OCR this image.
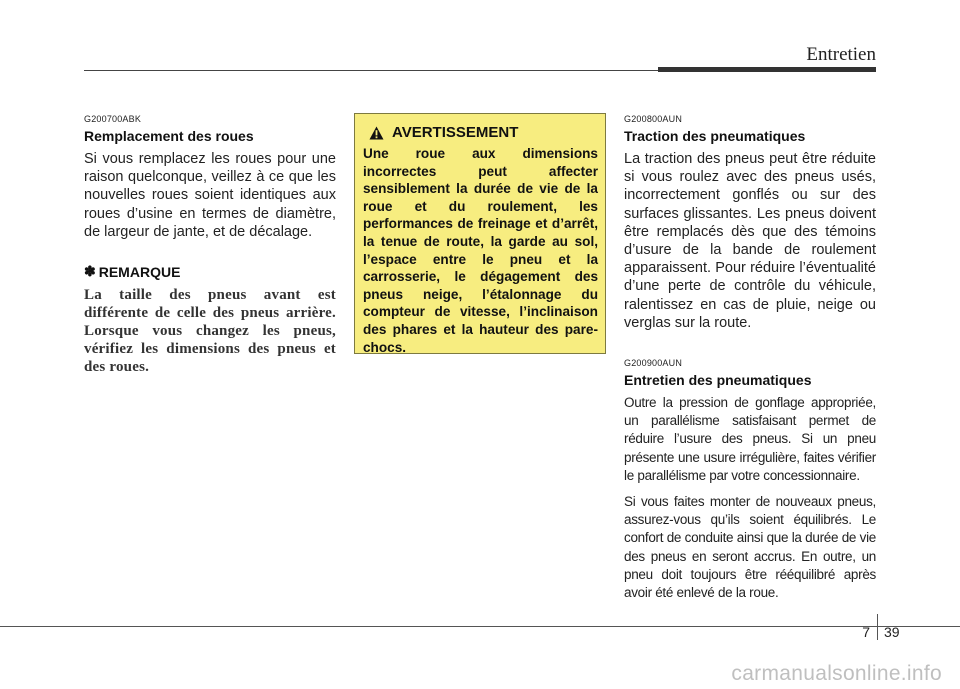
Entretien
G200700ABK
Remplacement des roues

Si vous remplacez les roues pour une raison quelconque, veillez à ce que les nouvelles roues soient identiques aux roues d’usine en termes de diamètre, de largeur de jante, et de décalage.

✽ REMARQUE

La taille des pneus avant est différente de celle des pneus arrière. Lorsque vous changez les pneus, vérifiez les dimensions des pneus et des roues.

AVERTISSEMENT

Une roue aux dimensions incorrectes peut affecter sensiblement la durée de vie de la roue et du roulement, les performances de freinage et d’arrêt, la tenue de route, la garde au sol, l’espace entre le pneu et la carrosserie, le dégagement des pneus neige, l’étalonnage du compteur de vitesse, l’inclinaison des phares et la hauteur des pare-chocs.

G200800AUN
Traction des pneumatiques

La traction des pneus peut être réduite si vous roulez avec des pneus usés, incorrectement gonflés ou sur des surfaces glissantes. Les pneus doivent être remplacés dès que des témoins d’usure de la bande de roulement apparaissent. Pour réduire l’éventualité d’une perte de contrôle du véhicule, ralentissez en cas de pluie, neige ou verglas sur la route.

G200900AUN
Entretien des pneumatiques

Outre la pression de gonflage appropriée, un parallélisme satisfaisant permet de réduire l’usure des pneus. Si un pneu présente une usure irrégulière, faites vérifier le parallélisme par votre concessionnaire.

Si vous faites monter de nouveaux pneus, assurez-vous qu’ils soient équilibrés. Le confort de conduite ainsi que la durée de vie des pneus en seront accrus. En outre, un pneu doit toujours être rééquilibré après avoir été enlevé de la roue.

7 39
carmanualsonline.info
